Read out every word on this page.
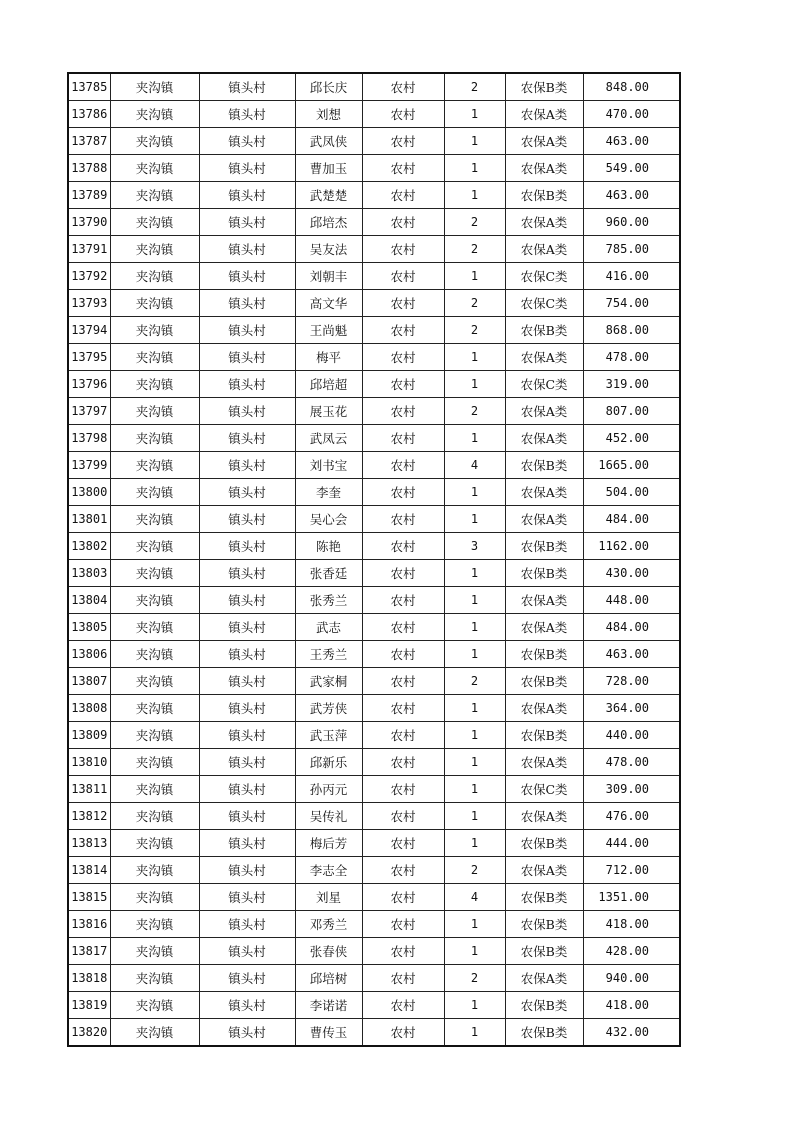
13785	夹沟镇	镇头村	邱长庆	农村	2	农保B类	848.00
13786	夹沟镇	镇头村	刘想	农村	1	农保A类	470.00
13787	夹沟镇	镇头村	武凤侠	农村	1	农保A类	463.00
13788	夹沟镇	镇头村	曹加玉	农村	1	农保A类	549.00
13789	夹沟镇	镇头村	武楚楚	农村	1	农保B类	463.00
13790	夹沟镇	镇头村	邱培杰	农村	2	农保A类	960.00
13791	夹沟镇	镇头村	吴友法	农村	2	农保A类	785.00
13792	夹沟镇	镇头村	刘朝丰	农村	1	农保C类	416.00
13793	夹沟镇	镇头村	高文华	农村	2	农保C类	754.00
13794	夹沟镇	镇头村	王尚魁	农村	2	农保B类	868.00
13795	夹沟镇	镇头村	梅平	农村	1	农保A类	478.00
13796	夹沟镇	镇头村	邱培超	农村	1	农保C类	319.00
13797	夹沟镇	镇头村	展玉花	农村	2	农保A类	807.00
13798	夹沟镇	镇头村	武凤云	农村	1	农保A类	452.00
13799	夹沟镇	镇头村	刘书宝	农村	4	农保B类	1665.00
13800	夹沟镇	镇头村	李奎	农村	1	农保A类	504.00
13801	夹沟镇	镇头村	吴心会	农村	1	农保A类	484.00
13802	夹沟镇	镇头村	陈艳	农村	3	农保B类	1162.00
13803	夹沟镇	镇头村	张香廷	农村	1	农保B类	430.00
13804	夹沟镇	镇头村	张秀兰	农村	1	农保A类	448.00
13805	夹沟镇	镇头村	武志	农村	1	农保A类	484.00
13806	夹沟镇	镇头村	王秀兰	农村	1	农保B类	463.00
13807	夹沟镇	镇头村	武家桐	农村	2	农保B类	728.00
13808	夹沟镇	镇头村	武芳侠	农村	1	农保A类	364.00
13809	夹沟镇	镇头村	武玉萍	农村	1	农保B类	440.00
13810	夹沟镇	镇头村	邱新乐	农村	1	农保A类	478.00
13811	夹沟镇	镇头村	孙丙元	农村	1	农保C类	309.00
13812	夹沟镇	镇头村	吴传礼	农村	1	农保A类	476.00
13813	夹沟镇	镇头村	梅后芳	农村	1	农保B类	444.00
13814	夹沟镇	镇头村	李志全	农村	2	农保A类	712.00
13815	夹沟镇	镇头村	刘星	农村	4	农保B类	1351.00
13816	夹沟镇	镇头村	邓秀兰	农村	1	农保B类	418.00
13817	夹沟镇	镇头村	张春侠	农村	1	农保B类	428.00
13818	夹沟镇	镇头村	邱培树	农村	2	农保A类	940.00
13819	夹沟镇	镇头村	李诺诺	农村	1	农保B类	418.00
13820	夹沟镇	镇头村	曹传玉	农村	1	农保B类	432.00
